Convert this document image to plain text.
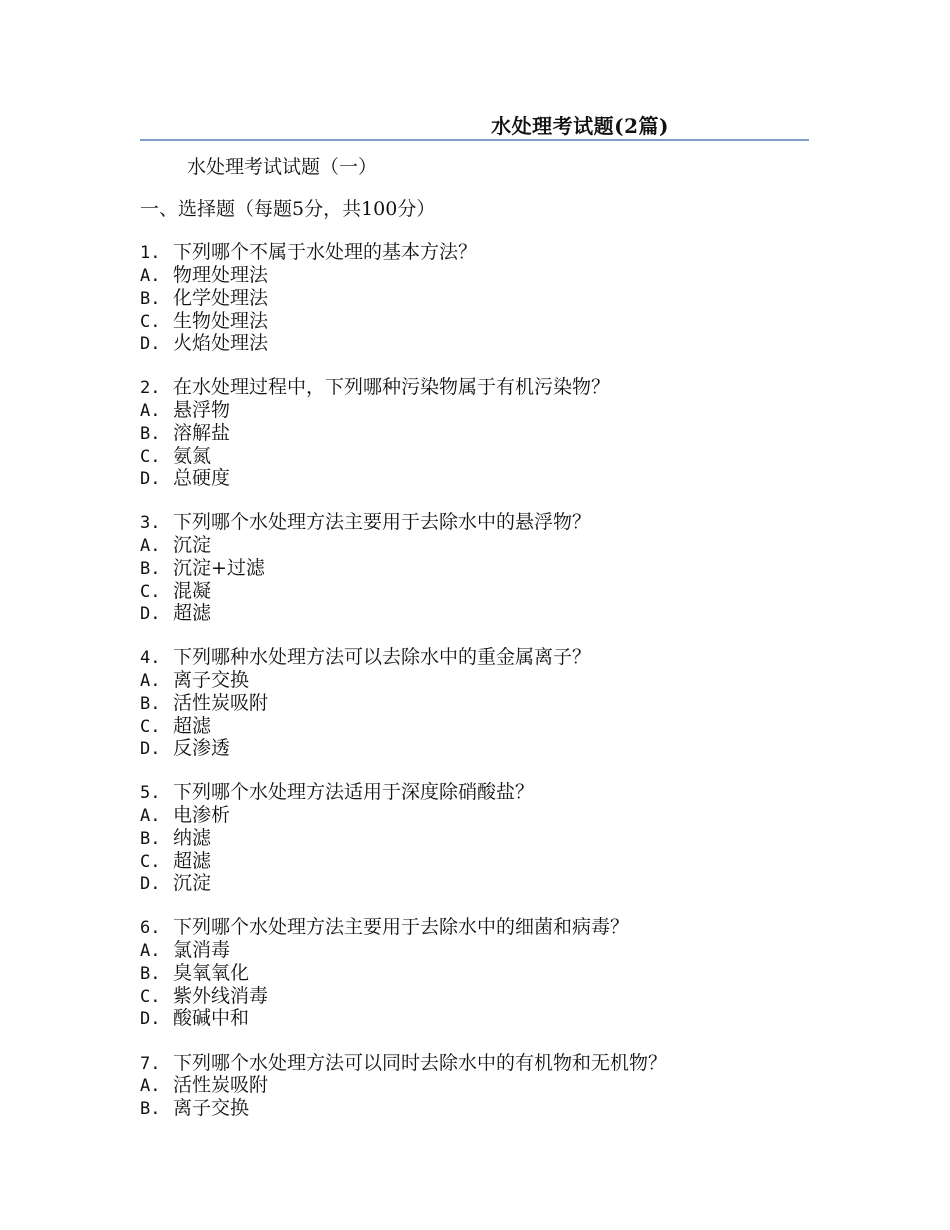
水处理考试题(2篇)

水处理考试试题（一）

一、选择题（每题5分，共100分）

1. 下列哪个不属于水处理的基本方法？

A. 物理处理法

B. 化学处理法

C. 生物处理法

D. 火焰处理法

2. 在水处理过程中，下列哪种污染物属于有机污染物？

A. 悬浮物

B. 溶解盐

C. 氨氮

D. 总硬度

3. 下列哪个水处理方法主要用于去除水中的悬浮物？

A. 沉淀

B. 沉淀+过滤

C. 混凝

D. 超滤

4. 下列哪种水处理方法可以去除水中的重金属离子？

A. 离子交换

B. 活性炭吸附

C. 超滤

D. 反渗透

5. 下列哪个水处理方法适用于深度除硝酸盐？

A. 电渗析

B. 纳滤

C. 超滤

D. 沉淀

6. 下列哪个水处理方法主要用于去除水中的细菌和病毒？

A. 氯消毒

B. 臭氧氧化

C. 紫外线消毒

D. 酸碱中和

7. 下列哪个水处理方法可以同时去除水中的有机物和无机物？

A. 活性炭吸附

B. 离子交换
